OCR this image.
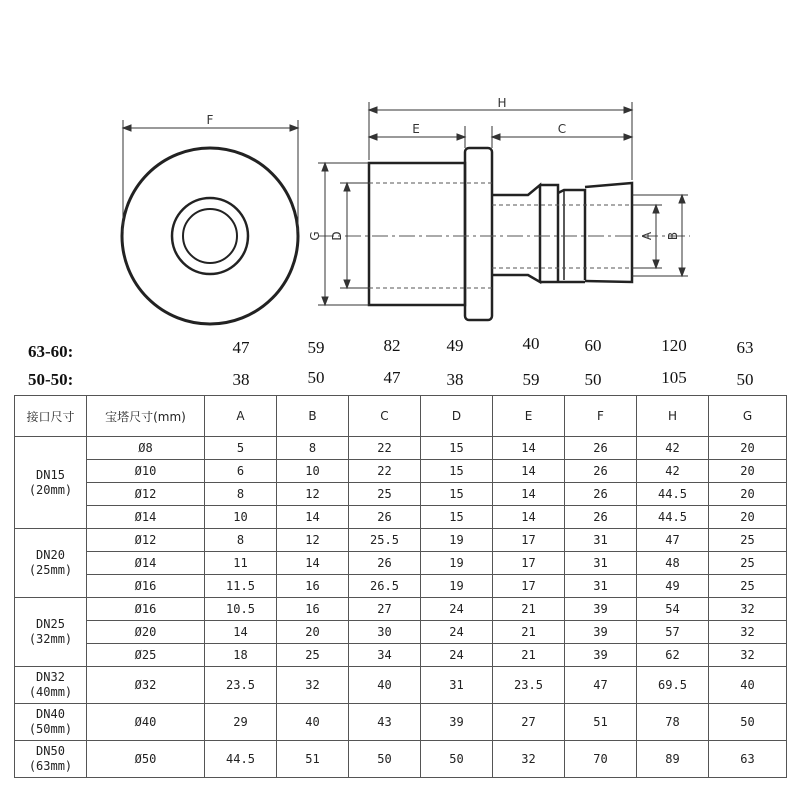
F
H
E	C
G D	A B
63-60:	47	59	82	49	40	60	120	63
50-50:	38	50	47	38	59	50	105	50
接口尺寸	宝塔尺寸(mm)	A	B	C	D	E	F	H	G

DN15
(20mm)	Ø8	5	8	22	15	14	26	42	20
	Ø10	6	10	22	15	14	26	42	20
	Ø12	8	12	25	15	14	26	44.5	20
	Ø14	10	14	26	15	14	26	44.5	20

DN20
(25mm)	Ø12	8	12	25.5	19	17	31	47	25
	Ø14	11	14	26	19	17	31	48	25
	Ø16	11.5	16	26.5	19	17	31	49	25

DN25
(32mm)	Ø16	10.5	16	27	24	21	39	54	32
	Ø20	14	20	30	24	21	39	57	32
	Ø25	18	25	34	24	21	39	62	32

DN32
(40mm)	Ø32	23.5	32	40	31	23.5	47	69.5	40

DN40
(50mm)	Ø40	29	40	43	39	27	51	78	50

DN50
(63mm)	Ø50	44.5	51	50	50	32	70	89	63
